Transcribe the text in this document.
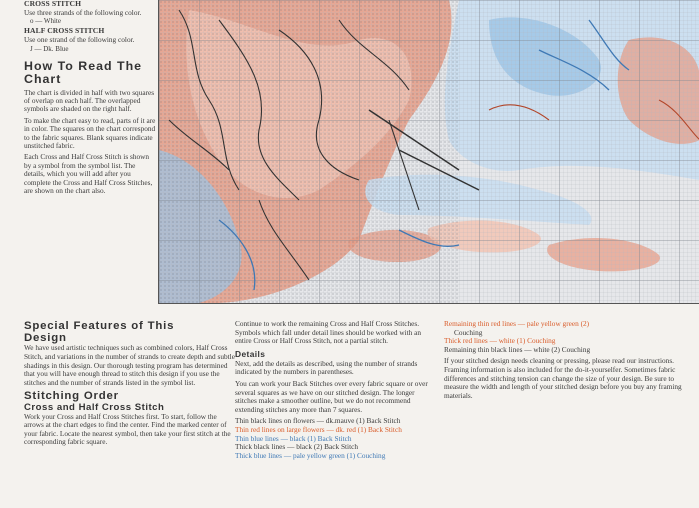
CROSS STITCH

Use three strands of the following color.

o — White

HALF CROSS STITCH

Use one strand of the following color.

J — Dk. Blue

How To Read The
Chart

The chart is divided in half with two squares of overlap on each half. The overlapped symbols are shaded on the right half.

To make the chart easy to read, parts of it are in color. The squares on the chart correspond to the fabric squares. Blank squares indicate unstitched fabric.

Each Cross and Half Cross Stitch is shown by a symbol from the symbol list. The details, which you will add after you complete the Cross and Half Cross Stitches, are shown on the chart also.

Special Features of This
Design

We have used artistic techniques such as combined colors, Half Cross Stitch, and variations in the number of strands to create depth and subtle shadings in this design. Our thorough testing program has determined that you will have enough thread to stitch this design if you use the stitches and the number of strands listed in the symbol list.

Stitching Order

Cross and Half Cross Stitch

Work your Cross and Half Cross Stitches first. To start, follow the arrows at the chart edges to find the center. Find the marked center of your fabric. Locate the nearest symbol, then take your first stitch at the corresponding fabric square.

Continue to work the remaining Cross and Half Cross Stitches. Symbols which fall under detail lines should be worked with an entire Cross or Half Cross Stitch, not a partial stitch.

Details

Next, add the details as described, using the number of strands indicated by the numbers in parentheses.

You can work your Back Stitches over every fabric square or over several squares as we have on our stitched design. The longer stitches make a smoother outline, but we do not recommend extending stitches any more than 7 squares.

Thin black lines on flowers — dk.mauve (1) Back Stitch

Thin red lines on large flowers — dk. red (1) Back Stitch

Thin blue lines — black (1) Back Stitch

Thick black lines — black (2) Back Stitch

Thick blue lines — pale yellow green (1) Couching

Remaining thin red lines — pale yellow green (2)

Couching

Thick red lines — white (1) Couching

Remaining thin black lines — white (2) Couching

If your stitched design needs cleaning or pressing, please read our instructions. Framing information is also included for the do-it-yourselfer. Sometimes fabric differences and stitching tension can change the size of your design. Be sure to measure the width and length of your stitched design before you buy any framing materials.
